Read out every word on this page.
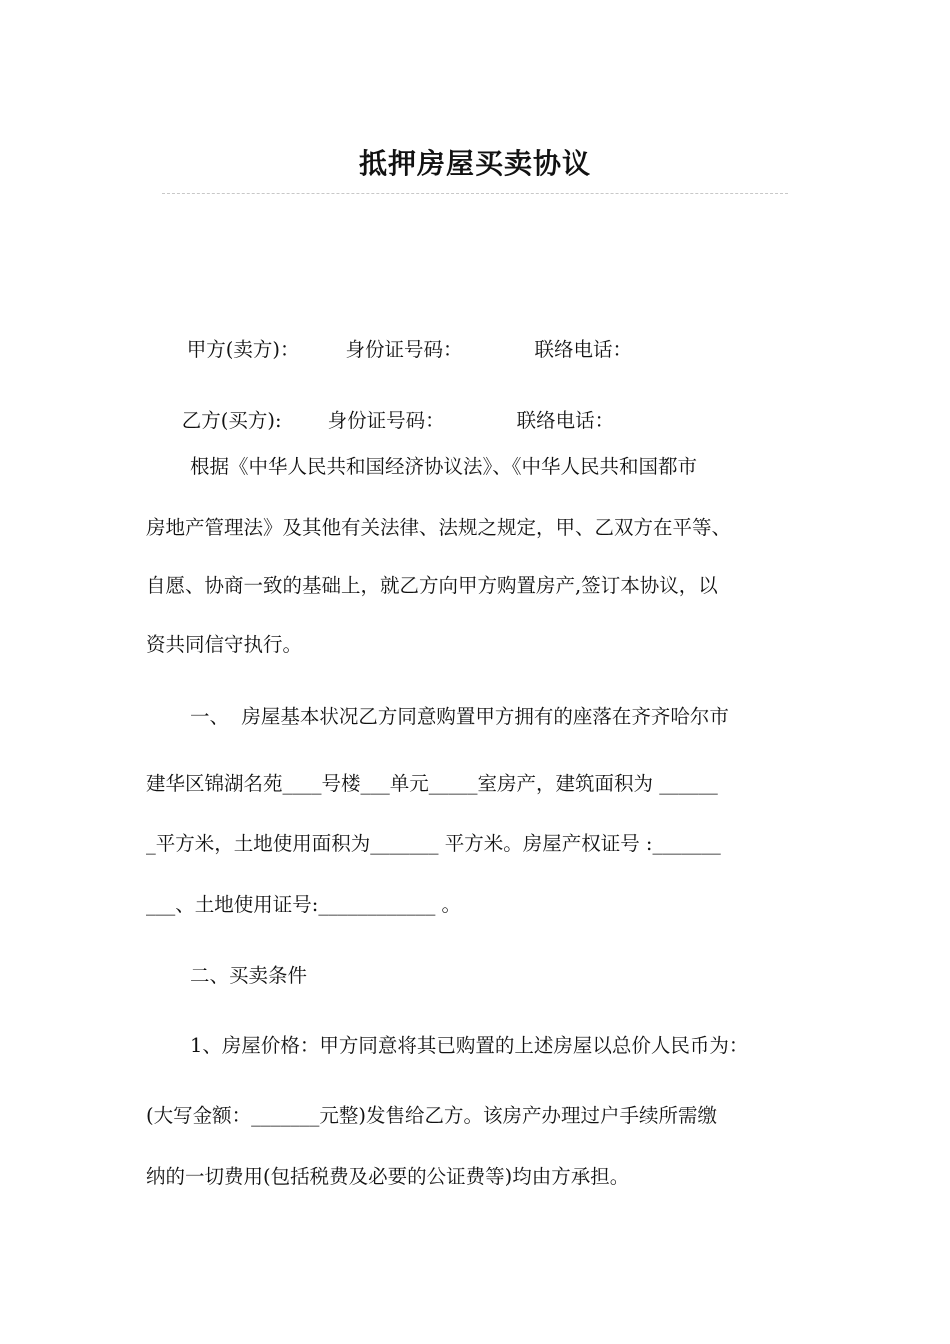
抵押房屋买卖协议

甲方(卖方)： 身份证号码：	联络电话：

乙方(买方): 身份证号码：	联络电话：

根据《中华人民共和国经济协议法》、《中华人民共和国都市
房地产管理法》及其他有关法律、法规之规定，甲、乙双方在平等、
自愿、协商一致的基础上，就乙方向甲方购置房产,签订本协议，以
资共同信守执行。
一、  房屋基本状况乙方同意购置甲方拥有的座落在齐齐哈尔市
建华区锦湖名苑____号楼___单元_____室房产，建筑面积为 ______
_平方米，土地使用面积为_______ 平方米。房屋产权证号 :_______
___、土地使用证号:____________ 。
二、买卖条件
1、房屋价格：甲方同意将其已购置的上述房屋以总价人民币为：
(大写金额：_______元整)发售给乙方。该房产办理过户手续所需缴
纳的一切费用(包括税费及必要的公证费等)均由方承担。
